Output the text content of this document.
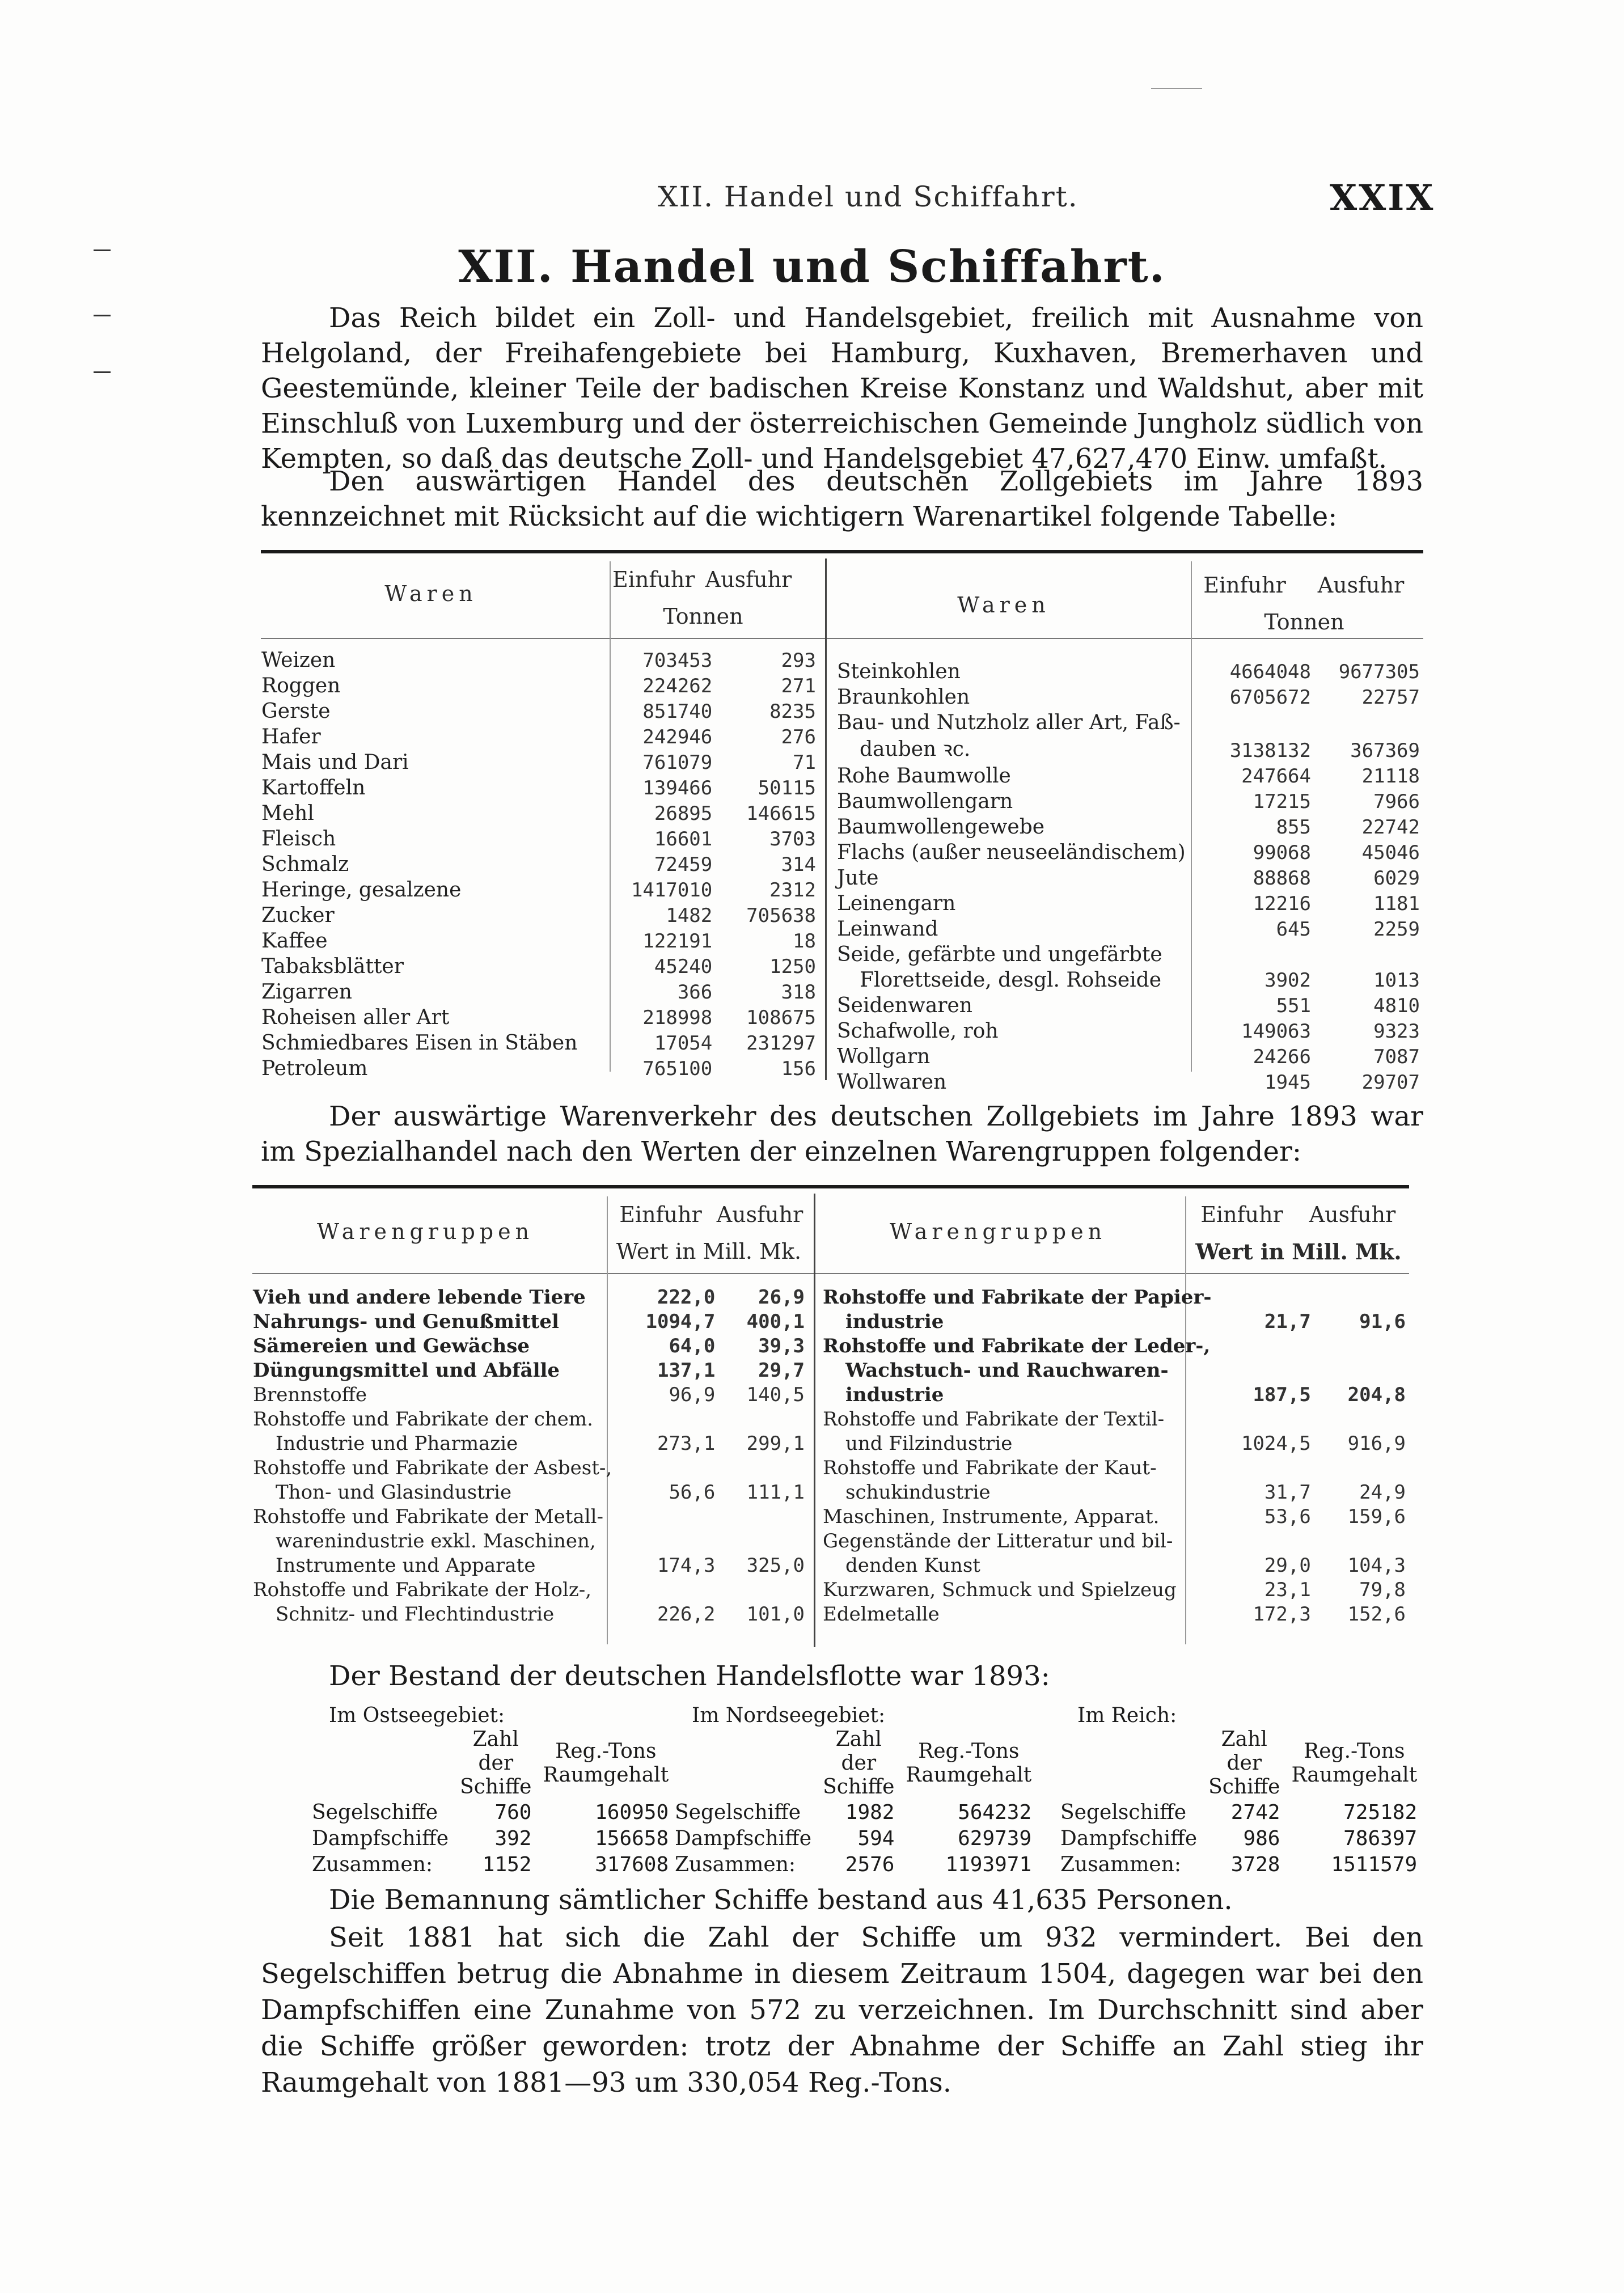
XII. Handel und Schiffahrt.	XXIX
XII. Handel und Schiffahrt.
Das Reich bildet ein Zoll- und Handelsgebiet, freilich mit Ausnahme von Helgoland, der Freihafengebiete bei Hamburg, Kuxhaven, Bremerhaven und Geestemünde, kleiner Teile der badischen Kreise Konstanz und Waldshut, aber mit Einschluß von Luxemburg und der österreichischen Gemeinde Jungholz südlich von Kempten, so daß das deutsche Zoll- und Handelsgebiet 47,627,470 Einw. umfaßt.
Den auswärtigen Handel des deutschen Zollgebiets im Jahre 1893 kennzeichnet mit Rücksicht auf die wichtigern Warenartikel folgende Tabelle:
Waren
Einfuhr Ausfuhr
Tonnen	Waren
Einfuhr	Ausfuhr
Tonnen
Weizen	703453	293
Roggen	224262	271
Gerste	851740	8235
Hafer	242946	276
Mais und Dari	761079	71
Kartoffeln	139466	50115
Mehl	26895	146615
Fleisch	16601	3703
Schmalz	72459	314
Heringe, gesalzene	1417010	2312
Zucker	1482	705638
Kaffee	122191	18
Tabaksblätter	45240	1250
Zigarren	366	318
Roheisen aller Art	218998	108675
Schmiedbares Eisen in Stäben	17054	231297
Petroleum	765100	156
Steinkohlen	4664048	9677305
Braunkohlen	6705672	22757
Bau- und Nutzholz aller Art, Faß-		
dauben ꝛc.	3138132	367369
Rohe Baumwolle	247664	21118
Baumwollengarn	17215	7966
Baumwollengewebe	855	22742
Flachs (außer neuseeländischem)	99068	45046
Jute	88868	6029
Leinengarn	12216	1181
Leinwand	645	2259
Seide, gefärbte und ungefärbte		
Florettseide, desgl. Rohseide	3902	1013
Seidenwaren	551	4810
Schafwolle, roh	149063	9323
Wollgarn	24266	7087
Wollwaren	1945	29707
Der auswärtige Warenverkehr des deutschen Zollgebiets im Jahre 1893 war im Spezialhandel nach den Werten der einzelnen Warengruppen folgender:
Warengruppen
Einfuhr Ausfuhr
Wert in Mill. Mk.
Warengruppen
Einfuhr	Ausfuhr
Wert in Mill. Mk.
Vieh und andere lebende Tiere	222,0	26,9
Nahrungs- und Genußmittel	1094,7	400,1
Sämereien und Gewächse	64,0	39,3
Düngungsmittel und Abfälle	137,1	29,7
Brennstoffe	96,9	140,5
Rohstoffe und Fabrikate der chem.		
Industrie und Pharmazie	273,1	299,1
Rohstoffe und Fabrikate der Asbest-,		
Thon- und Glasindustrie	56,6	111,1
Rohstoffe und Fabrikate der Metall-		
warenindustrie exkl. Maschinen,		
Instrumente und Apparate	174,3	325,0
Rohstoffe und Fabrikate der Holz-,		
Schnitz- und Flechtindustrie	226,2	101,0
Rohstoffe und Fabrikate der Papier-		
industrie	21,7	91,6
Rohstoffe und Fabrikate der Leder-,		
Wachstuch- und Rauchwaren-		
industrie	187,5	204,8
Rohstoffe und Fabrikate der Textil-		
und Filzindustrie	1024,5	916,9
Rohstoffe und Fabrikate der Kaut-		
schukindustrie	31,7	24,9
Maschinen, Instrumente, Apparat.	53,6	159,6
Gegenstände der Litteratur und bil-		
denden Kunst	29,0	104,3
Kurzwaren, Schmuck und Spielzeug	23,1	79,8
Edelmetalle	172,3	152,6
Der Bestand der deutschen Handelsflotte war 1893:
Im Ostseegebiet:
	Zahl der Schiffe	Reg.-Tons Raumgehalt
Segelschiffe	760	160950
Dampfschiffe	392	156658
Zusammen:	1152	317608
Im Nordseegebiet:
	Zahl der Schiffe	Reg.-Tons Raumgehalt
Segelschiffe	1982	564232
Dampfschiffe	594	629739
Zusammen:	2576	1193971
Im Reich:
	Zahl der Schiffe	Reg.-Tons Raumgehalt
Segelschiffe	2742	725182
Dampfschiffe	986	786397
Zusammen:	3728	1511579
Die Bemannung sämtlicher Schiffe bestand aus 41,635 Personen.
Seit 1881 hat sich die Zahl der Schiffe um 932 vermindert. Bei den Segelschiffen betrug die Abnahme in diesem Zeitraum 1504, dagegen war bei den Dampfschiffen eine Zunahme von 572 zu verzeichnen. Im Durchschnitt sind aber die Schiffe größer geworden: trotz der Abnahme der Schiffe an Zahl stieg ihr Raumgehalt von 1881—93 um 330,054 Reg.-Tons.
